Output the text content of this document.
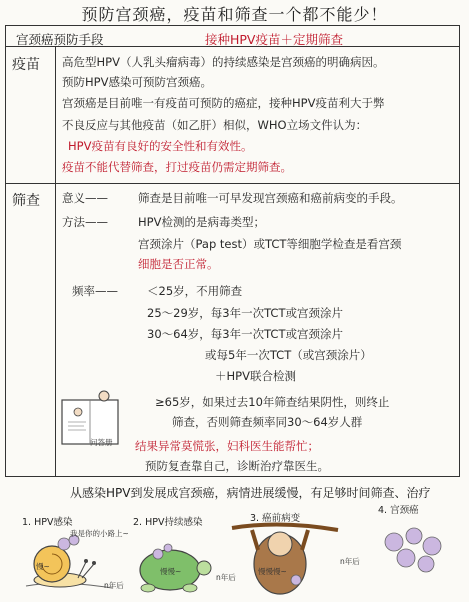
预防宫颈癌，疫苗和筛查一个都不能少！
宫颈癌预防手段	接种HPV疫苗＋定期筛查
疫苗 高危型HPV（人乳头瘤病毒）的持续感染是宫颈癌的明确病因。
预防HPV感染可预防宫颈癌。
宫颈癌是目前唯一有疫苗可预防的癌症，接种HPV疫苗利大于弊
不良反应与其他疫苗（如乙肝）相似，WHO立场文件认为：
HPV疫苗有良好的安全性和有效性。
疫苗不能代替筛查，打过疫苗仍需定期筛查。
筛查 意义——	筛查是目前唯一可早发现宫颈癌和癌前病变的手段。
方法——	HPV检测的是病毒类型；
宫颈涂片（Pap test）或TCT等细胞学检查是看宫颈
细胞是否正常。
频率——	＜25岁，不用筛查
25～29岁，每3年一次TCT或宫颈涂片
30～64岁，每3年一次TCT或宫颈涂片
或每5年一次TCT（或宫颈涂片）
＋HPV联合检测
≥65岁，如果过去10年筛查结果阴性，则终止
筛查，否则筛查频率同30～64岁人群
问答册 结果异常莫慌张，妇科医生能帮忙；
预防复查靠自己，诊断治疗靠医生。
从感染HPV到发展成宫颈癌，病情进展缓慢，有足够时间筛查、治疗
1. HPV感染	2. HPV持续感染	3. 癌前病变
4. 宫颈癌
我是你的小路上~
慢~
慢慢~
n年后
慢慢慢~
n年后
n年后
